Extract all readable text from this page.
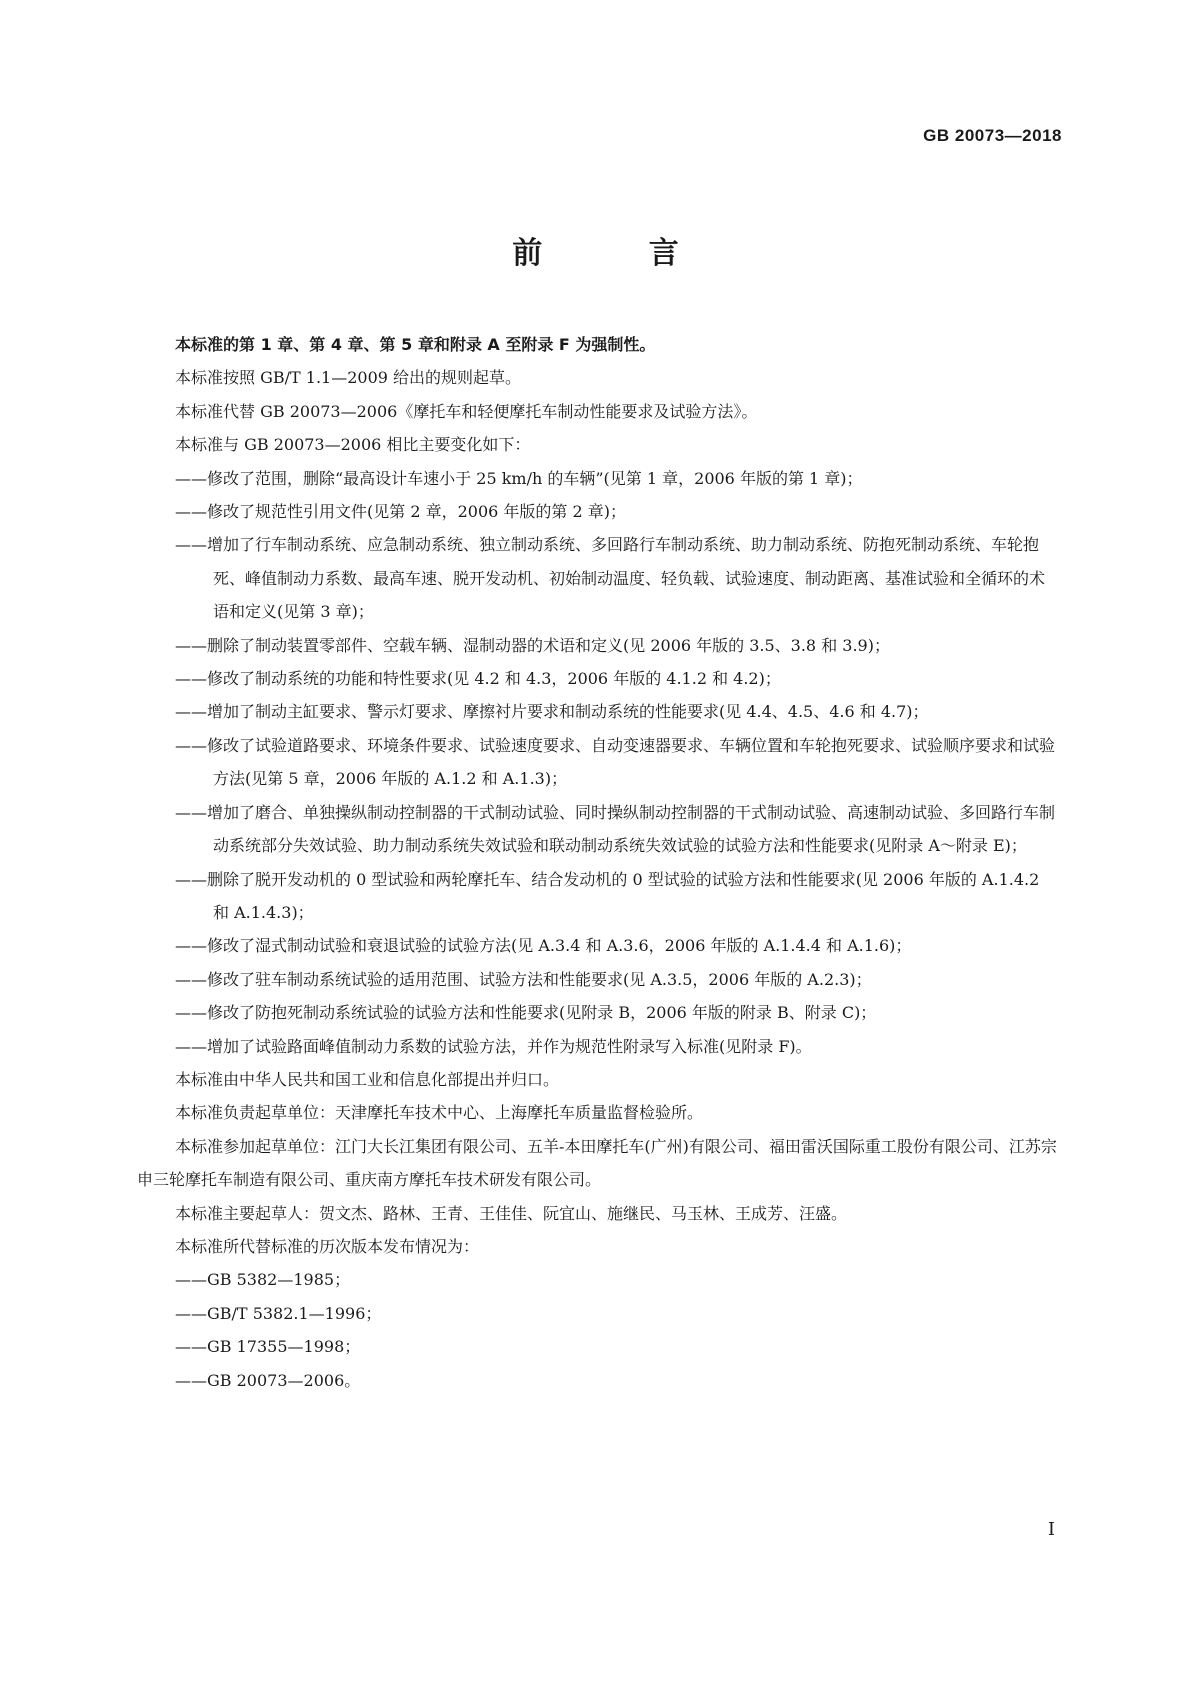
GB 20073—2018
前 言

本标准的第 1 章、第 4 章、第 5 章和附录 A 至附录 F 为强制性。

本标准按照 GB/T 1.1—2009 给出的规则起草。

本标准代替 GB 20073—2006《摩托车和轻便摩托车制动性能要求及试验方法》。

本标准与 GB 20073—2006 相比主要变化如下：

——修改了范围，删除“最高设计车速小于 25 km/h 的车辆”(见第 1 章，2006 年版的第 1 章)；

——修改了规范性引用文件(见第 2 章，2006 年版的第 2 章)；

——增加了行车制动系统、应急制动系统、独立制动系统、多回路行车制动系统、助力制动系统、防抱死制动系统、车轮抱死、峰值制动力系数、最高车速、脱开发动机、初始制动温度、轻负载、试验速度、制动距离、基准试验和全循环的术语和定义(见第 3 章)；

——删除了制动装置零部件、空载车辆、湿制动器的术语和定义(见 2006 年版的 3.5、3.8 和 3.9)；

——修改了制动系统的功能和特性要求(见 4.2 和 4.3，2006 年版的 4.1.2 和 4.2)；

——增加了制动主缸要求、警示灯要求、摩擦衬片要求和制动系统的性能要求(见 4.4、4.5、4.6 和 4.7)；

——修改了试验道路要求、环境条件要求、试验速度要求、自动变速器要求、车辆位置和车轮抱死要求、试验顺序要求和试验方法(见第 5 章，2006 年版的 A.1.2 和 A.1.3)；

——增加了磨合、单独操纵制动控制器的干式制动试验、同时操纵制动控制器的干式制动试验、高速制动试验、多回路行车制动系统部分失效试验、助力制动系统失效试验和联动制动系统失效试验的试验方法和性能要求(见附录 A～附录 E)；

——删除了脱开发动机的 0 型试验和两轮摩托车、结合发动机的 0 型试验的试验方法和性能要求(见 2006 年版的 A.1.4.2 和 A.1.4.3)；

——修改了湿式制动试验和衰退试验的试验方法(见 A.3.4 和 A.3.6，2006 年版的 A.1.4.4 和 A.1.6)；

——修改了驻车制动系统试验的适用范围、试验方法和性能要求(见 A.3.5，2006 年版的 A.2.3)；

——修改了防抱死制动系统试验的试验方法和性能要求(见附录 B，2006 年版的附录 B、附录 C)；

——增加了试验路面峰值制动力系数的试验方法，并作为规范性附录写入标准(见附录 F)。

本标准由中华人民共和国工业和信息化部提出并归口。

本标准负责起草单位：天津摩托车技术中心、上海摩托车质量监督检验所。

本标准参加起草单位：江门大长江集团有限公司、五羊-本田摩托车(广州)有限公司、福田雷沃国际重工股份有限公司、江苏宗申三轮摩托车制造有限公司、重庆南方摩托车技术研发有限公司。

本标准主要起草人：贺文杰、路林、王青、王佳佳、阮宜山、施继民、马玉林、王成芳、汪盛。

本标准所代替标准的历次版本发布情况为：

——GB 5382—1985；

——GB/T 5382.1—1996；

——GB 17355—1998；

——GB 20073—2006。

I
